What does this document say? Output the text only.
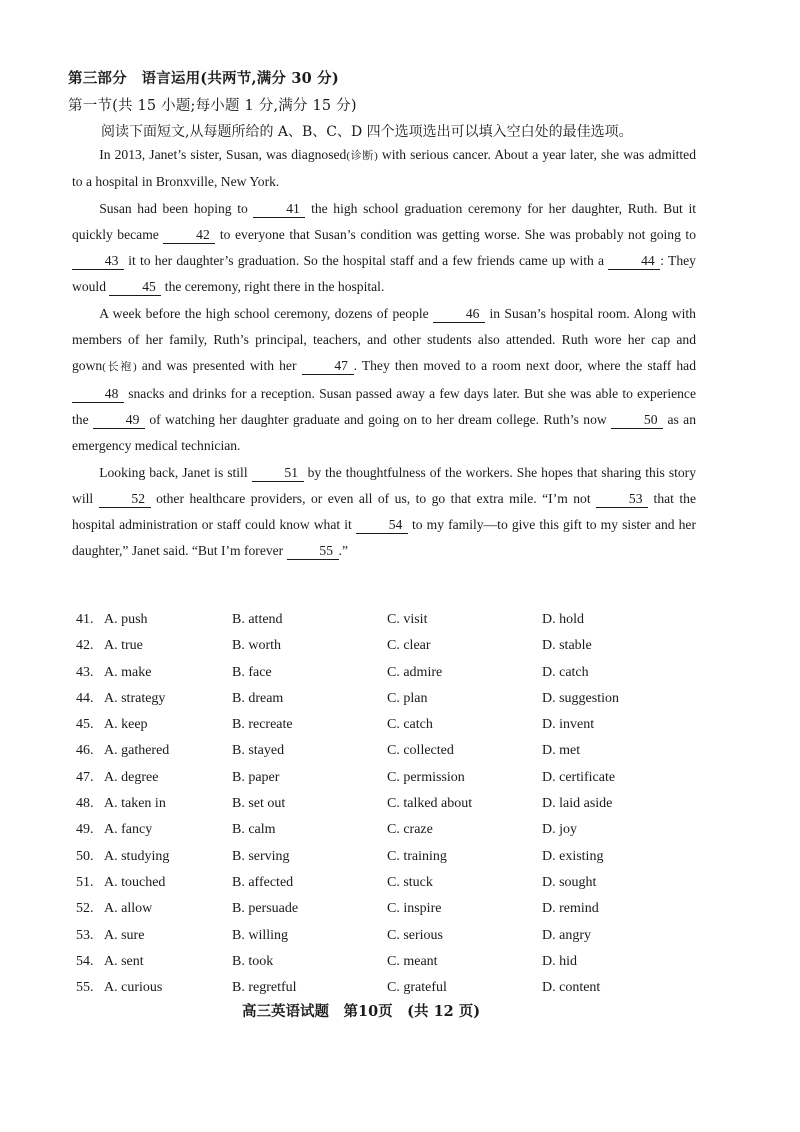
第三部分　语言运用(共两节,满分 30 分)
第一节(共 15 小题;每小题 1 分,满分 15 分)
阅读下面短文,从每题所给的 A、B、C、D 四个选项选出可以填入空白处的最佳选项。

In 2013, Janet’s sister, Susan, was diagnosed(诊断) with serious cancer. About a year later, she was admitted to a hospital in Bronxville, New York.

Susan had been hoping to 41 the high school graduation ceremony for her daughter, Ruth. But it quickly became 42 to everyone that Susan’s condition was getting worse. She was probably not going to 43 it to her daughter’s graduation. So the hospital staff and a few friends came up with a 44 : They would 45 the ceremony, right there in the hospital.

A week before the high school ceremony, dozens of people 46 in Susan’s hospital room. Along with members of her family, Ruth’s principal, teachers, and other students also attended. Ruth wore her cap and gown(长袍) and was presented with her 47 . They then moved to a room next door, where the staff had 48 snacks and drinks for a reception. Susan passed away a few days later. But she was able to experience the 49 of watching her daughter graduate and going on to her dream college. Ruth’s now 50 as an emergency medical technician.

Looking back, Janet is still 51 by the thoughtfulness of the workers. She hopes that sharing this story will 52 other healthcare providers, or even all of us, to go that extra mile. “I’m not 53 that the hospital administration or staff could know what it 54 to my family—to give this gift to my sister and her daughter,” Janet said. “But I’m forever 55 .”

41. A. push	B. attend	C. visit	D. hold
42. A. true	B. worth	C. clear	D. stable
43. A. make	B. face	C. admire	D. catch
44. A. strategy	B. dream	C. plan	D. suggestion
45. A. keep	B. recreate	C. catch	D. invent
46. A. gathered	B. stayed	C. collected	D. met
47. A. degree	B. paper	C. permission	D. certificate
48. A. taken in	B. set out	C. talked about	D. laid aside
49. A. fancy	B. calm	C. craze	D. joy
50. A. studying	B. serving	C. training	D. existing
51. A. touched	B. affected	C. stuck	D. sought
52. A. allow	B. persuade	C. inspire	D. remind
53. A. sure	B. willing	C. serious	D. angry
54. A. sent	B. took	C. meant	D. hid
55. A. curious	B. regretful	C. grateful	D. content
高三英语试题　第10页　(共 12 页)
